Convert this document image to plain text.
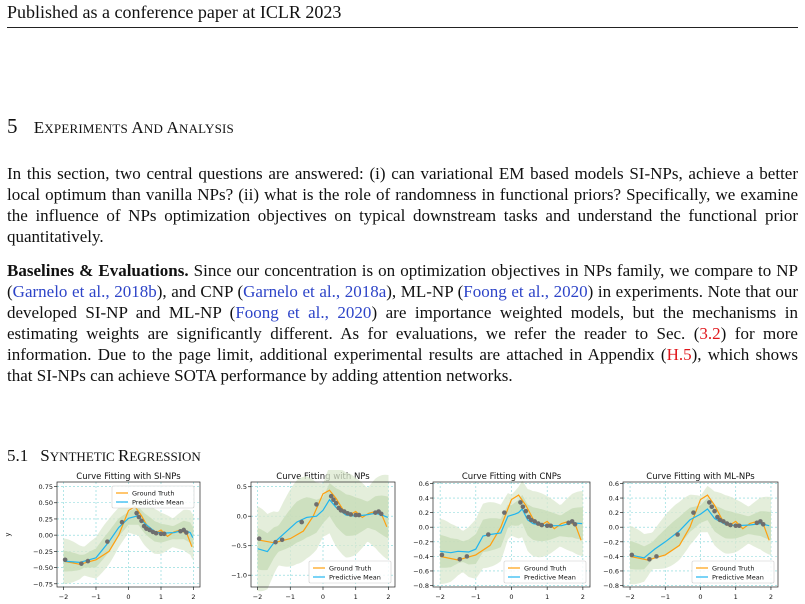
Published as a conference paper at ICLR 2023
5 EXPERIMENTS AND ANALYSIS

In this section, two central questions are answered: (i) can variational EM based models SI-NPs, achieve a better local optimum than vanilla NPs? (ii) what is the role of randomness in functional priors? Specifically, we examine the influence of NPs optimization objectives on typical downstream tasks and understand the functional prior quantitatively.

Baselines & Evaluations. Since our concentration is on optimization objectives in NPs family, we compare to NP (Garnelo et al., 2018b), and CNP (Garnelo et al., 2018a), ML-NP (Foong et al., 2020) in experiments. Note that our developed SI-NP and ML-NP (Foong et al., 2020) are importance weighted models, but the mechanisms in estimating weights are significantly different. As for evaluations, we refer the reader to Sec. (3.2) for more information. Due to the page limit, additional experimental results are attached in Appendix (H.5), which shows that SI-NPs can achieve SOTA performance by adding attention networks.

5.1 SYNTHETIC REGRESSION
Curve Fitting with SI-NPs
−0.75
−0.50
−0.25
0.00
0.25
0.50
0.75
−2	−1	0	1	2
y
Ground Truth
Predictive Mean
Curve Fitting with NPs
−1.0
−0.5
0.0
0.5
−2	−1	0	1	2
Ground Truth
Predictive Mean
Curve Fitting with CNPs
−0.8
−0.6
−0.4
−0.2
0.0
0.2
0.4
0.6
−2	−1	0	1	2
Ground Truth
Predictive Mean
Curve Fitting with ML-NPs
−0.8
−0.6
−0.4
−0.2
0.0
0.2
0.4
0.6
−2	−1	0	1	2
Ground Truth
Predictive Mean
